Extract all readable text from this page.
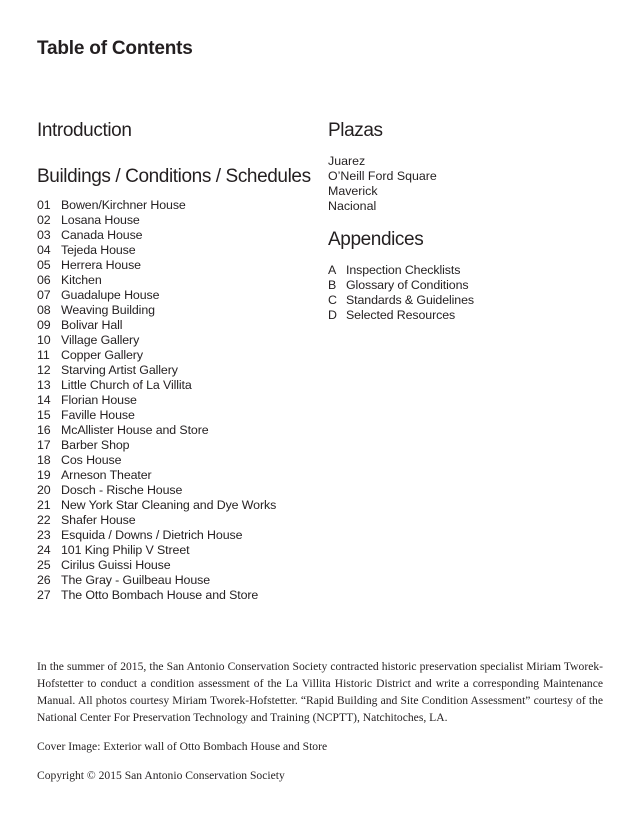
Table of Contents
Introduction
Buildings / Conditions / Schedules
01 Bowen/Kirchner House
02 Losana House
03 Canada House
04 Tejeda House
05 Herrera House
06 Kitchen
07 Guadalupe House
08 Weaving Building
09 Bolivar Hall
10 Village Gallery
11 Copper Gallery
12 Starving Artist Gallery
13 Little Church of La Villita
14 Florian House
15 Faville House
16 McAllister House and Store
17 Barber Shop
18 Cos House
19 Arneson Theater
20 Dosch - Rische House
21 New York Star Cleaning and Dye Works
22 Shafer House
23 Esquida / Downs / Dietrich House
24 101 King Philip V Street
25 Cirilus Guissi House
26 The Gray - Guilbeau House
27 The Otto Bombach House and Store
Plazas
Juarez
O’Neill Ford Square
Maverick
Nacional
Appendices
A Inspection Checklists
B Glossary of Conditions
C Standards & Guidelines
D Selected Resources

In the summer of 2015, the San Antonio Conservation Society contracted historic preservation specialist Miriam Tworek-Hofstetter to conduct a condition assessment of the La Villita Historic District and write a corresponding Maintenance Manual. All photos courtesy Miriam Tworek-Hofstetter. “Rapid Building and Site Condition Assessment” courtesy of the National Center For Preservation Technology and Training (NCPTT), Natchitoches, LA.

Cover Image: Exterior wall of Otto Bombach House and Store

Copyright © 2015 San Antonio Conservation Society
